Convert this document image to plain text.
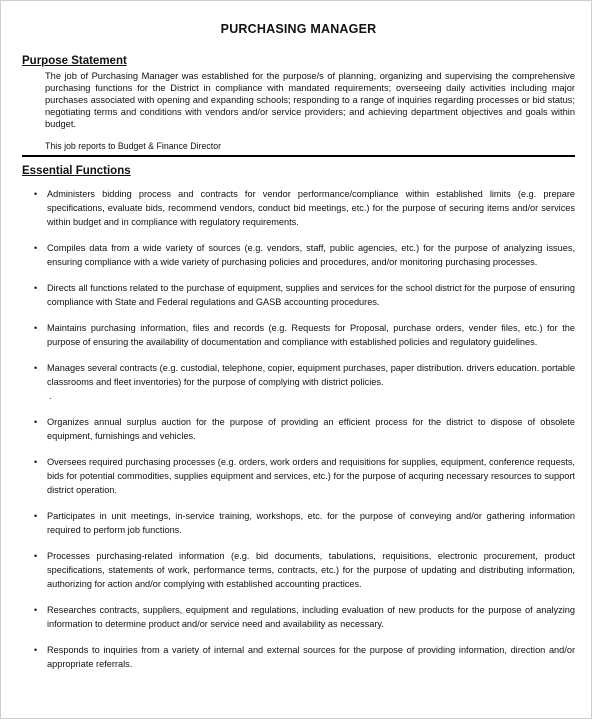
PURCHASING MANAGER
Purpose Statement
The job of Purchasing Manager was established for the purpose/s of planning, organizing and supervising the comprehensive purchasing functions for the District in compliance with mandated requirements; overseeing daily activities including major purchases associated with opening and expanding schools; responding to a range of inquiries regarding processes or bid status; negotiating terms and conditions with vendors and/or service providers; and achieving department objectives and goals within budget.
This job reports to Budget & Finance Director
Essential Functions
• Administers bidding process and contracts for vendor performance/compliance within established limits (e.g. prepare specifications, evaluate bids, recommend vendors, conduct bid meetings, etc.) for the purpose of securing items and/or services within budget and in compliance with regulatory requirements.
• Compiles data from a wide variety of sources (e.g. vendors, staff, public agencies, etc.) for the purpose of analyzing issues, ensuring compliance with a wide variety of purchasing policies and procedures, and/or monitoring purchasing processes.
• Directs all functions related to the purchase of equipment, supplies and services for the school district for the purpose of ensuring compliance with State and Federal regulations and GASB accounting procedures.
• Maintains purchasing information, files and records (e.g. Requests for Proposal, purchase orders, vender files, etc.) for the purpose of ensuring the availability of documentation and compliance with established policies and regulatory guidelines.
• Manages several contracts (e.g. custodial, telephone, copier, equipment purchases, paper distribution. drivers education. portable classrooms and fleet inventories) for the purpose of complying with district policies.
.
• Organizes annual surplus auction for the purpose of providing an efficient process for the district to dispose of obsolete equipment, furnishings and vehicles.
• Oversees required purchasing processes (e.g. orders, work orders and requisitions for supplies, equipment, conference requests, bids for potential commodities, supplies equipment and services, etc.) for the purpose of acquring necessary resources to support district operation.
• Participates in unit meetings, in-service training, workshops, etc. for the purpose of conveying and/or gathering information required to perform job functions.
• Processes purchasing-related information (e.g. bid documents, tabulations, requisitions, electronic procurement, product specifications, statements of work, performance terms, contracts, etc.) for the purpose of updating and distributing information, authorizing for action and/or complying with established accounting practices.
• Researches contracts, suppliers, equipment and regulations, including evaluation of new products for the purpose of analyzing information to determine product and/or service need and availability as necessary.
• Responds to inquiries from a variety of internal and external sources for the purpose of providing information, direction and/or appropriate referrals.
